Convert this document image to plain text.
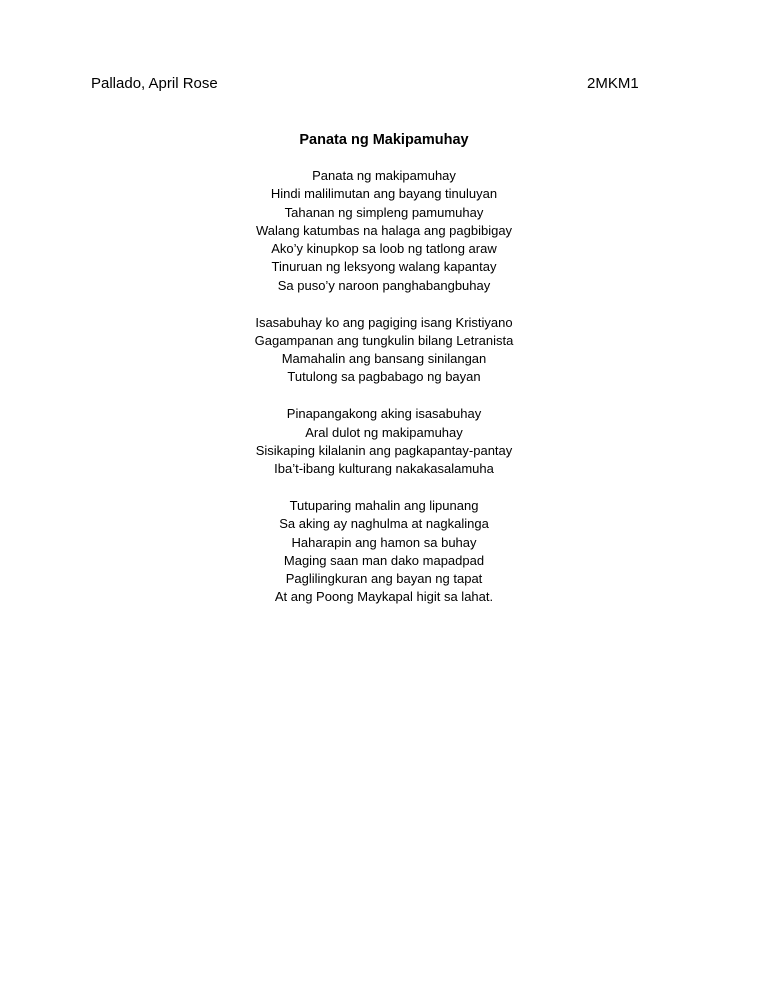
Pallado, April Rose	2MKM1
Panata ng Makipamuhay
Panata ng makipamuhay
Hindi malilimutan ang bayang tinuluyan
Tahanan ng simpleng pamumuhay
Walang katumbas na halaga ang pagbibigay
Ako’y kinupkop sa loob ng tatlong araw
Tinuruan ng leksyong walang kapantay
Sa puso’y naroon panghabangbuhay
Isasabuhay ko ang pagiging isang Kristiyano
Gagampanan ang tungkulin bilang Letranista
Mamahalin ang bansang sinilangan
Tutulong sa pagbabago ng bayan
Pinapangakong aking isasabuhay
Aral dulot ng makipamuhay
Sisikaping kilalanin ang pagkapantay-pantay
Iba’t-ibang kulturang nakakasalamuha
Tutuparing mahalin ang lipunang
Sa aking ay naghulma at nagkalinga
Haharapin ang hamon sa buhay
Maging saan man dako mapadpad
Paglilingkuran ang bayan ng tapat
At ang Poong Maykapal higit sa lahat.
